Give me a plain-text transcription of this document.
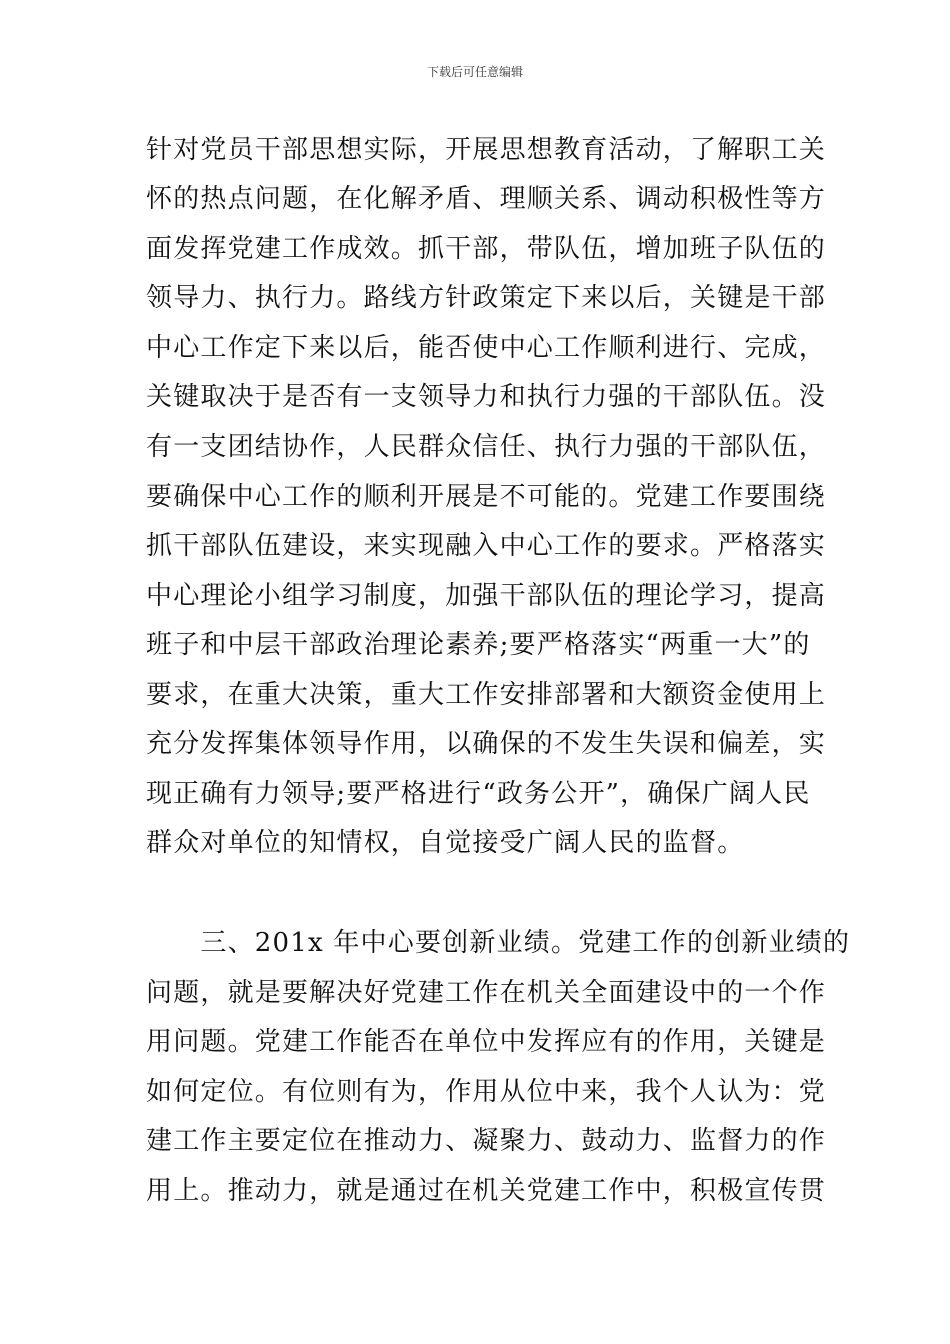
下载后可任意编辑
针对党员干部思想实际，开展思想教育活动，了解职工关
怀的热点问题，在化解矛盾、理顺关系、调动积极性等方
面发挥党建工作成效。抓干部，带队伍，增加班子队伍的
领导力、执行力。路线方针政策定下来以后，关键是干部
中心工作定下来以后，能否使中心工作顺利进行、完成，
关键取决于是否有一支领导力和执行力强的干部队伍。没
有一支团结协作，人民群众信任、执行力强的干部队伍，
要确保中心工作的顺利开展是不可能的。党建工作要围绕
抓干部队伍建设，来实现融入中心工作的要求。严格落实
中心理论小组学习制度，加强干部队伍的理论学习，提高
班子和中层干部政治理论素养;要严格落实“两重一大”的
要求，在重大决策，重大工作安排部署和大额资金使用上
充分发挥集体领导作用，以确保的不发生失误和偏差，实
现正确有力领导;要严格进行“政务公开”，确保广阔人民
群众对单位的知情权，自觉接受广阔人民的监督。
　　三、201x 年中心要创新业绩。党建工作的创新业绩的
问题，就是要解决好党建工作在机关全面建设中的一个作
用问题。党建工作能否在单位中发挥应有的作用，关键是
如何定位。有位则有为，作用从位中来，我个人认为：党
建工作主要定位在推动力、凝聚力、鼓动力、监督力的作
用上。推动力，就是通过在机关党建工作中，积极宣传贯
